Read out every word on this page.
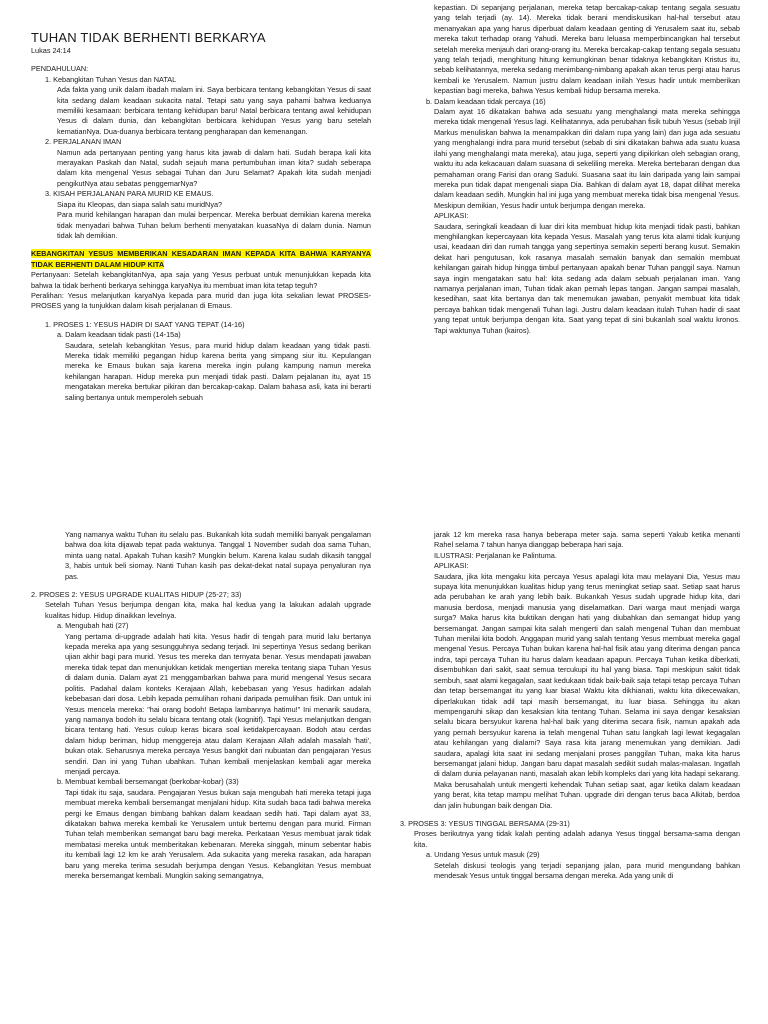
TUHAN TIDAK BERHENTI BERKARYA

Lukas 24:14

PENDAHULUAN:

1. Kebangkitan Tuhan Yesus dan NATAL

Ada fakta yang unik dalam ibadah malam ini. Saya berbicara tentang kebangkitan Yesus di saat kita sedang dalam keadaan sukacita natal. Tetapi satu yang saya pahami bahwa keduanya memiliki kesamaan: berbicara tentang kehidupan baru! Natal berbicara tentang awal kehidupan Yesus di dalam dunia, dan kebangkitan berbicara kehidupan Yesus yang baru setelah kematianNya. Dua-duanya berbicara tentang pengharapan dan kemenangan.

2. PERJALANAN IMAN

Namun ada pertanyaan penting yang harus kita jawab di dalam hati. Sudah berapa kali kita merayakan Paskah dan Natal, sudah sejauh mana pertumbuhan iman kita? sudah seberapa dalam kita mengenal Yesus sebagai Tuhan dan Juru Selamat? Apakah kita sudah menjadi pengikutNya atau sebatas penggemarNya?

3. KISAH PERJALANAN PARA MURID KE EMAUS.

Siapa itu Kleopas, dan siapa salah satu muridNya?

Para murid kehilangan harapan dan mulai berpencar. Mereka berbuat demikian karena mereka tidak menyadari bahwa Tuhan belum berhenti menyatakan kuasaNya di dalam dunia. Namun tidak lah demikian.

KEBANGKITAN YESUS MEMBERIKAN KESADARAN IMAN KEPADA KITA BAHWA KARYANYA TIDAK BERHENTI DALAM HIDUP KITA

Pertanyaan: Setelah kebangkitanNya, apa saja yang Yesus perbuat untuk menunjukkan kepada kita bahwa Ia tidak berhenti berkarya sehingga karyaNya itu membuat iman kita tetap teguh?

Peralihan: Yesus melanjutkan karyaNya kepada para murid dan juga kita sekalian lewat PROSES-PROSES yang Ia tunjukkan dalam kisah perjalanan di Emaus.

1. PROSES 1: YESUS HADIR DI SAAT YANG TEPAT (14-16)

a. Dalam keadaan tidak pasti (14-15a)

Saudara, setelah kebangkitan Yesus, para murid hidup dalam keadaan yang tidak pasti. Mereka tidak memiliki pegangan hidup karena berita yang simpang siur itu. Kepulangan mereka ke Emaus bukan saja karena mereka ingin pulang kampung namun mereka kehilangan harapan. Hidup mereka pun menjadi tidak pasti. Dalam pejalanan itu, ayat 15 mengatakan mereka bertukar pikiran dan bercakap-cakap. Dalam bahasa asli, kata ini berarti saling bertanya untuk memperoleh sebuah

kepastian. Di sepanjang perjalanan, mereka tetap bercakap-cakap tentang segala sesuatu yang telah terjadi (ay. 14). Mereka tidak berani mendiskusikan hal-hal tersebut atau menanyakan apa yang harus diperbuat dalam keadaan genting di Yerusalem saat itu, sebab mereka takut terhadap orang Yahudi. Mereka baru leluasa memperbincangkan hal tersebut setelah mereka menjauh dari orang-orang itu. Mereka bercakap-cakap tentang segala sesuatu yang telah terjadi, menghitung hitung kemungkinan benar tidaknya kebangkitan Kristus itu, sebab kelihatannya, mereka sedang menimbang-nimbang apakah akan terus pergi atau harus kembali ke Yerusalem. Namun justru dalam keadaan inilah Yesus hadir untuk memberikan kepastian bagi mereka, bahwa Yesus kembali hidup bersama mereka.

b. Dalam keadaan tidak percaya (16)

Dalam ayat 16 dikatakan bahwa ada sesuatu yang menghalangi mata mereka sehingga mereka tidak mengenali Yesus lagi. Kelihatannya, ada perubahan fisik tubuh Yesus (sebab Injil Markus menuliskan bahwa Ia menampakkan diri dalam rupa yang lain) dan juga ada sesuatu yang menghalangi indra para murid tersebut (sebab di sini dikatakan bahwa ada suatu kuasa ilahi yang menghalangi mata mereka), atau juga, seperti yang dipikirkan oleh sebagian orang, waktu itu ada kekacauan dalam suasana di sekeliling mereka. Mereka bertebaran dengan dua pemahaman orang Farisi dan orang Saduki. Suasana saat itu lain daripada yang lain sampai mereka pun tidak dapat mengenali siapa Dia. Bahkan di dalam ayat 18, dapat dilihat mereka dalam keadaan sedih. Mungkin hal ini juga yang membuat mereka tidak bisa mengenal Yesus. Meskipun demikian, Yesus hadir untuk berjumpa dengan mereka.

APLIKASI:

Saudara, seringkali keadaan di luar diri kita membuat hidup kita menjadi tidak pasti, bahkan menghilangkan kepercayaan kita kepada Yesus. Masalah yang terus kita alami tidak kunjung usai, keadaan diri dan rumah tangga yang sepertinya semakin seperti berang kusut. Semakin dekat hari pengutusan, kok rasanya masalah semakin banyak dan semakin membuat kehilangan gairah hidup hingga timbul pertanyaan apakah benar Tuhan panggil saya. Namun saya ingin mengatakan satu hal: kita sedang ada dalam sebuah perjalanan iman. Yang namanya perjalanan iman, Tuhan tidak akan pernah lepas tangan. Jangan sampai masalah, kesedihan, saat kita bertanya dan tak menemukan jawaban, penyakit membuat kita tidak percaya bahkan tidak mengenali Tuhan lagi. Justru dalam keadaan itulah Tuhan hadir di saat yang tepat untuk berjumpa dengan kita. Saat yang tepat di sini bukanlah soal waktu kronos. Tapi waktunya Tuhan (kairos).

Yang namanya waktu Tuhan itu selalu pas. Bukankah kita sudah memiliki banyak pengalaman bahwa doa kita dijawab tepat pada waktunya. Tanggal 1 November sudah doa sama Tuhan, minta uang natal. Apakah Tuhan kasih? Mungkin belum. Karena kalau sudah dikasih tanggal 3, habis untuk beli siomay. Nanti Tuhan kasih pas dekat-dekat natal supaya penyaluran nya pas.

2. PROSES 2: YESUS UPGRADE KUALITAS HIDUP (25-27; 33)

Setelah Tuhan Yesus berjumpa dengan kita, maka hal kedua yang Ia lakukan adalah upgrade kualitas hidup. Hidup dinaikkan levelnya.

a. Mengubah hati (27)

Yang pertama di-upgrade adalah hati kita. Yesus hadir di tengah para murid lalu bertanya kepada mereka apa yang sesungguhnya sedang terjadi. Ini sepertinya Yesus sedang berikan ujian akhir bagi para murid. Yesus tes mereka dan ternyata benar. Yesus mendapati jawaban mereka tidak tepat dan menunjukkan ketidak mengertian mereka tentang siapa Tuhan Yesus di dalam dunia. Dalam ayat 21 menggambarkan bahwa para murid mengenal Yesus secara politis. Padahal dalam konteks Kerajaan Allah, kebebasan yang Yesus hadirkan adalah kebebasan dari dosa. Lebih kepada pemulihan rohani daripada pemulihan fisik. Dan untuk ini Yesus mencela mereka: "hai orang bodoh! Betapa lambannya hatimu!" Ini menarik saudara, yang namanya bodoh itu selalu bicara tentang otak (kognitif). Tapi Yesus melanjutkan dengan bicara tentang hati. Yesus cukup keras bicara soal ketidakpercayaan. Bodoh atau cerdas dalam hidup beriman, hidup menggereja atau dalam Kerajaan Allah adalah masalah 'hati', bukan otak. Seharusnya mereka percaya Yesus bangkit dari nubuatan dan pengajaran Yesus sendiri. Dan ini yang Tuhan ubahkan. Tuhan kembali menjelaskan kembali agar mereka menjadi percaya.

b. Membuat kembali bersemangat (berkobar-kobar) (33)

Tapi tidak itu saja, saudara. Pengajaran Yesus bukan saja mengubah hati mereka tetapi juga membuat mereka kembali bersemangat menjalani hidup. Kita sudah baca tadi bahwa mereka pergi ke Emaus dengan bimbang bahkan dalam keadaan sedih hati. Tapi dalam ayat 33, dikatakan bahwa mereka kembali ke Yerusalem untuk bertemu dengan para murid. Firman Tuhan telah memberikan semangat baru bagi mereka. Perkataan Yesus membuat jarak tidak membatasi mereka untuk memberitakan kebenaran. Mereka singgah, minum sebentar habis itu kembali lagi 12 km ke arah Yerusalem. Ada sukacita yang mereka rasakan, ada harapan baru yang mereka terima sesudah berjumpa dengan Yesus. Kebangkitan Yesus membuat mereka bersemangat kembali. Mungkin saking semangatnya,

jarak 12 km mereka rasa hanya beberapa meter saja. sama seperti Yakub ketika menanti Rahel selama 7 tahun hanya dianggap beberapa hari saja.

ILUSTRASI: Perjalanan ke Palintuma.

APLIKASI:

Saudara, jika kita mengaku kita percaya Yesus apalagi kita mau melayani Dia, Yesus mau supaya kita menunjukkan kualitas hidup yang terus meningkat setiap saat. Setiap saat harus ada perubahan ke arah yang lebih baik. Bukankah Yesus sudah upgrade hidup kita, dari manusia berdosa, menjadi manusia yang diselamatkan. Dari warga maut menjadi warga surga? Maka harus kita buktikan dengan hati yang diubahkan dan semangat hidup yang bersemangat. Jangan sampai kita salah mengerti dan salah mengenal Tuhan dan membuat Tuhan menilai kita bodoh. Anggapan murid yang salah tentang Yesus membuat mereka gagal mengenal Yesus. Percaya Tuhan bukan karena hal-hal fisik atau yang diterima dengan panca indra, tapi percaya Tuhan itu harus dalam keadaan apapun. Percaya Tuhan ketika diberkati, disembuhkan dari sakit, saat semua tercukupi itu hal yang biasa. Tapi meskipun sakit tidak sembuh, saat alami kegagalan, saat kedukaan tidak baik-baik saja tetapi tetap percaya Tuhan dan tetap bersemangat itu yang luar biasa! Waktu kita dikhianati, waktu kita dikecewakan, diperlakukan tidak adil tapi masih bersemangat, itu luar biasa. Sehingga itu akan mempengaruhi sikap dan kesaksian kita tentang Tuhan. Selama ini saya dengar kesaksian selalu bicara bersyukur karena hal-hal baik yang diterima secara fisik, namun apakah ada yang pernah bersyukur karena ia telah mengenal Tuhan satu langkah lagi lewat kegagalan atau kehilangan yang dialami? Saya rasa kita jarang menemukan yang demikian. Jadi saudara, apalagi kita saat ini sedang menjalani proses panggilan Tuhan, maka kita harus bersemangat jalani hidup. Jangan baru dapat masalah sedikit sudah malas-malasan. Ingatlah di dalam dunia pelayanan nanti, masalah akan lebih kompleks dari yang kita hadapi sekarang. Maka berusahalah untuk mengerti kehendak Tuhan setiap saat, agar ketika dalam keadaan yang berat, kita tetap mampu melihat Tuhan. upgrade diri dengan terus baca Alkitab, berdoa dan jalin hubungan baik dengan Dia.

3. PROSES 3: YESUS TINGGAL BERSAMA (29-31)

Proses berikutnya yang tidak kalah penting adalah adanya Yesus tinggal bersama-sama dengan kita.

a. Undang Yesus untuk masuk (29)

Setelah diskusi teologis yang terjadi sepanjang jalan, para murid mengundang bahkan mendesak Yesus untuk tinggal bersama dengan mereka. Ada yang unik di
